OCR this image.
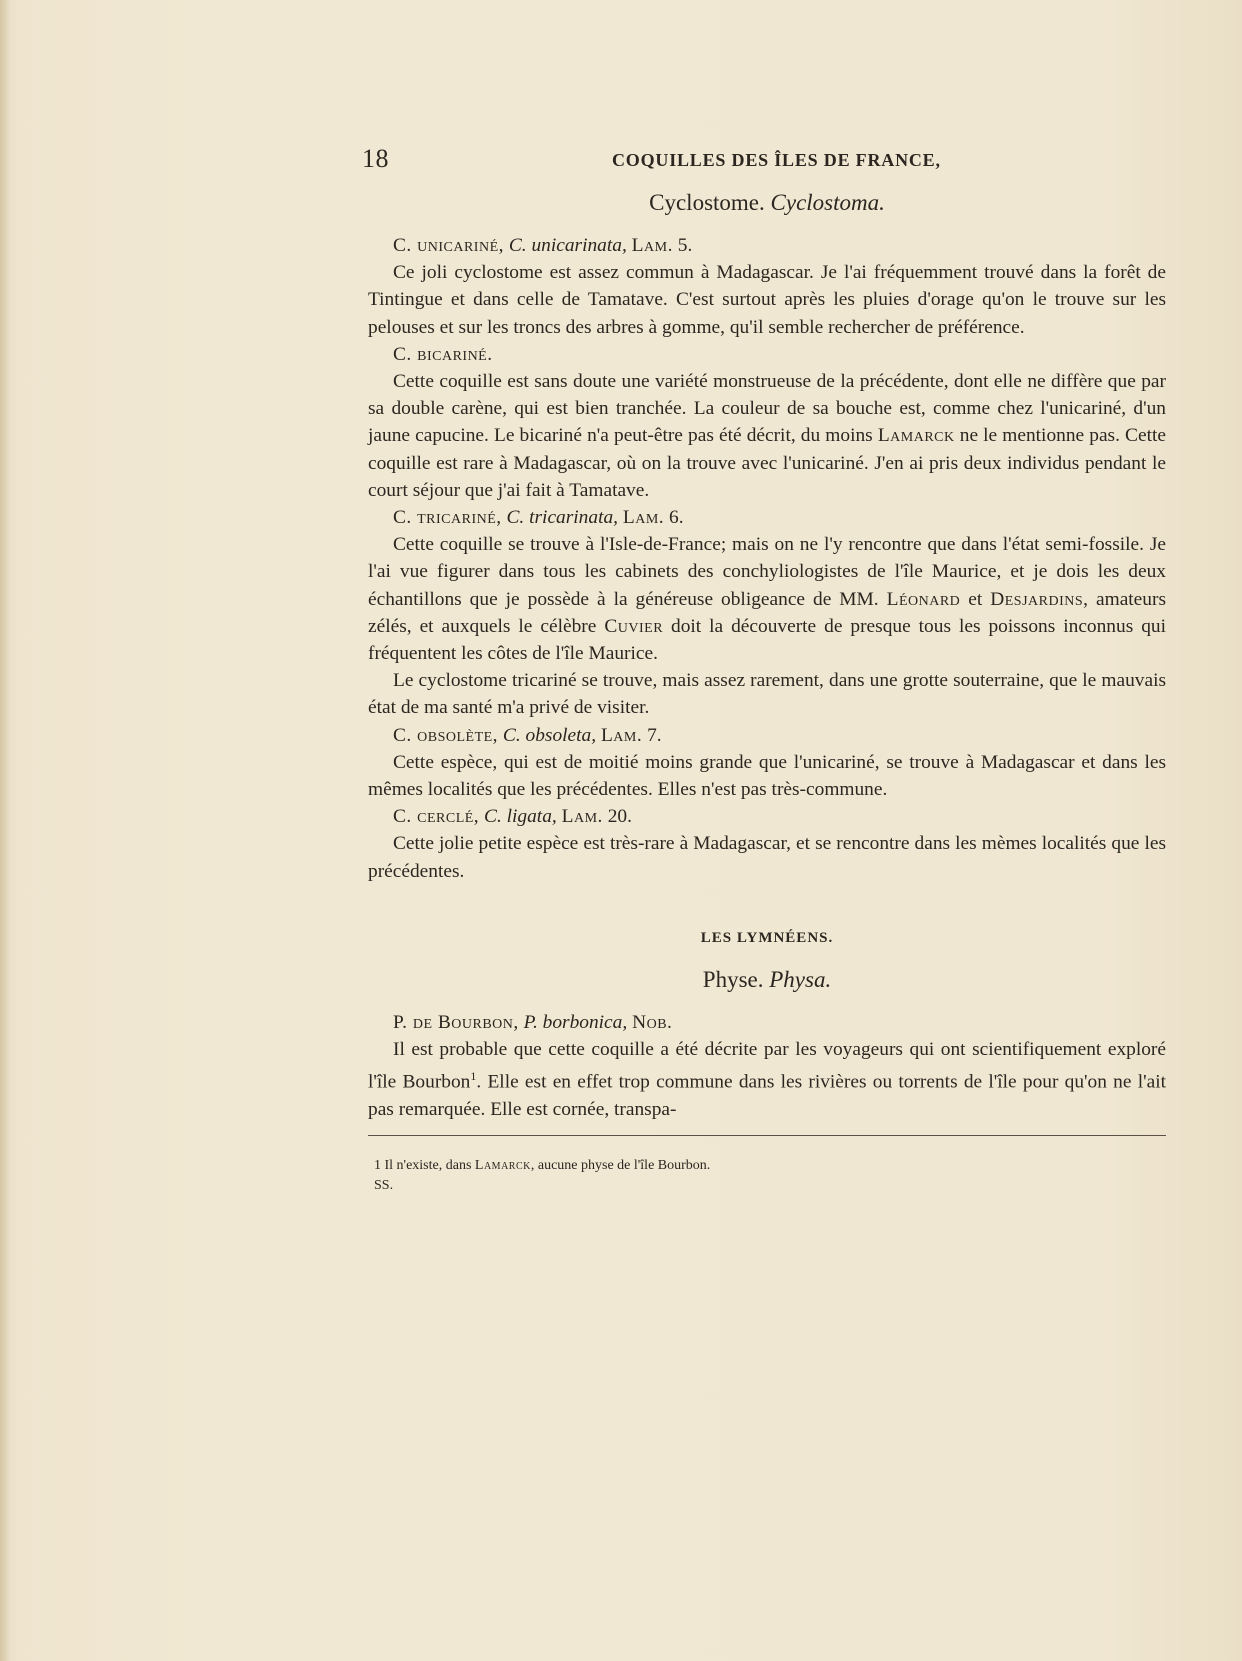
18	COQUILLES DES ÎLES DE FRANCE,
Cyclostome. Cyclostoma.

C. unicariné, C. unicarinata, Lam. 5.

Ce joli cyclostome est assez commun à Madagascar. Je l'ai fréquemment trouvé dans la forêt de Tintingue et dans celle de Tamatave. C'est surtout après les pluies d'orage qu'on le trouve sur les pelouses et sur les troncs des arbres à gomme, qu'il semble rechercher de préférence.

C. bicariné.

Cette coquille est sans doute une variété monstrueuse de la précédente, dont elle ne diffère que par sa double carène, qui est bien tranchée. La couleur de sa bouche est, comme chez l'unicariné, d'un jaune capucine. Le bicariné n'a peut-être pas été décrit, du moins Lamarck ne le mentionne pas. Cette coquille est rare à Madagascar, où on la trouve avec l'unicariné. J'en ai pris deux individus pendant le court séjour que j'ai fait à Tamatave.

C. tricariné, C. tricarinata, Lam. 6.

Cette coquille se trouve à l'Isle-de-France; mais on ne l'y rencontre que dans l'état semi-fossile. Je l'ai vue figurer dans tous les cabinets des conchyliologistes de l'île Maurice, et je dois les deux échantillons que je possède à la généreuse obligeance de MM. Léonard et Desjardins, amateurs zélés, et auxquels le célèbre Cuvier doit la découverte de presque tous les poissons inconnus qui fréquentent les côtes de l'île Maurice.

Le cyclostome tricariné se trouve, mais assez rarement, dans une grotte souterraine, que le mauvais état de ma santé m'a privé de visiter.

C. obsolète, C. obsoleta, Lam. 7.

Cette espèce, qui est de moitié moins grande que l'unicariné, se trouve à Madagascar et dans les mêmes localités que les précédentes. Elles n'est pas très-commune.

C. cerclé, C. ligata, Lam. 20.

Cette jolie petite espèce est très-rare à Madagascar, et se rencontre dans les mèmes localités que les précédentes.

LES LYMNÉENS.
Physe. Physa.

P. de Bourbon, P. borbonica, Nob.

Il est probable que cette coquille a été décrite par les voyageurs qui ont scientifiquement exploré l'île Bourbon$^1$. Elle est en effet trop commune dans les rivières ou torrents de l'île pour qu'on ne l'ait pas remarquée. Elle est cornée, transpa-

1 Il n'existe, dans Lamarck, aucune physe de l'île Bourbon.
SS.
